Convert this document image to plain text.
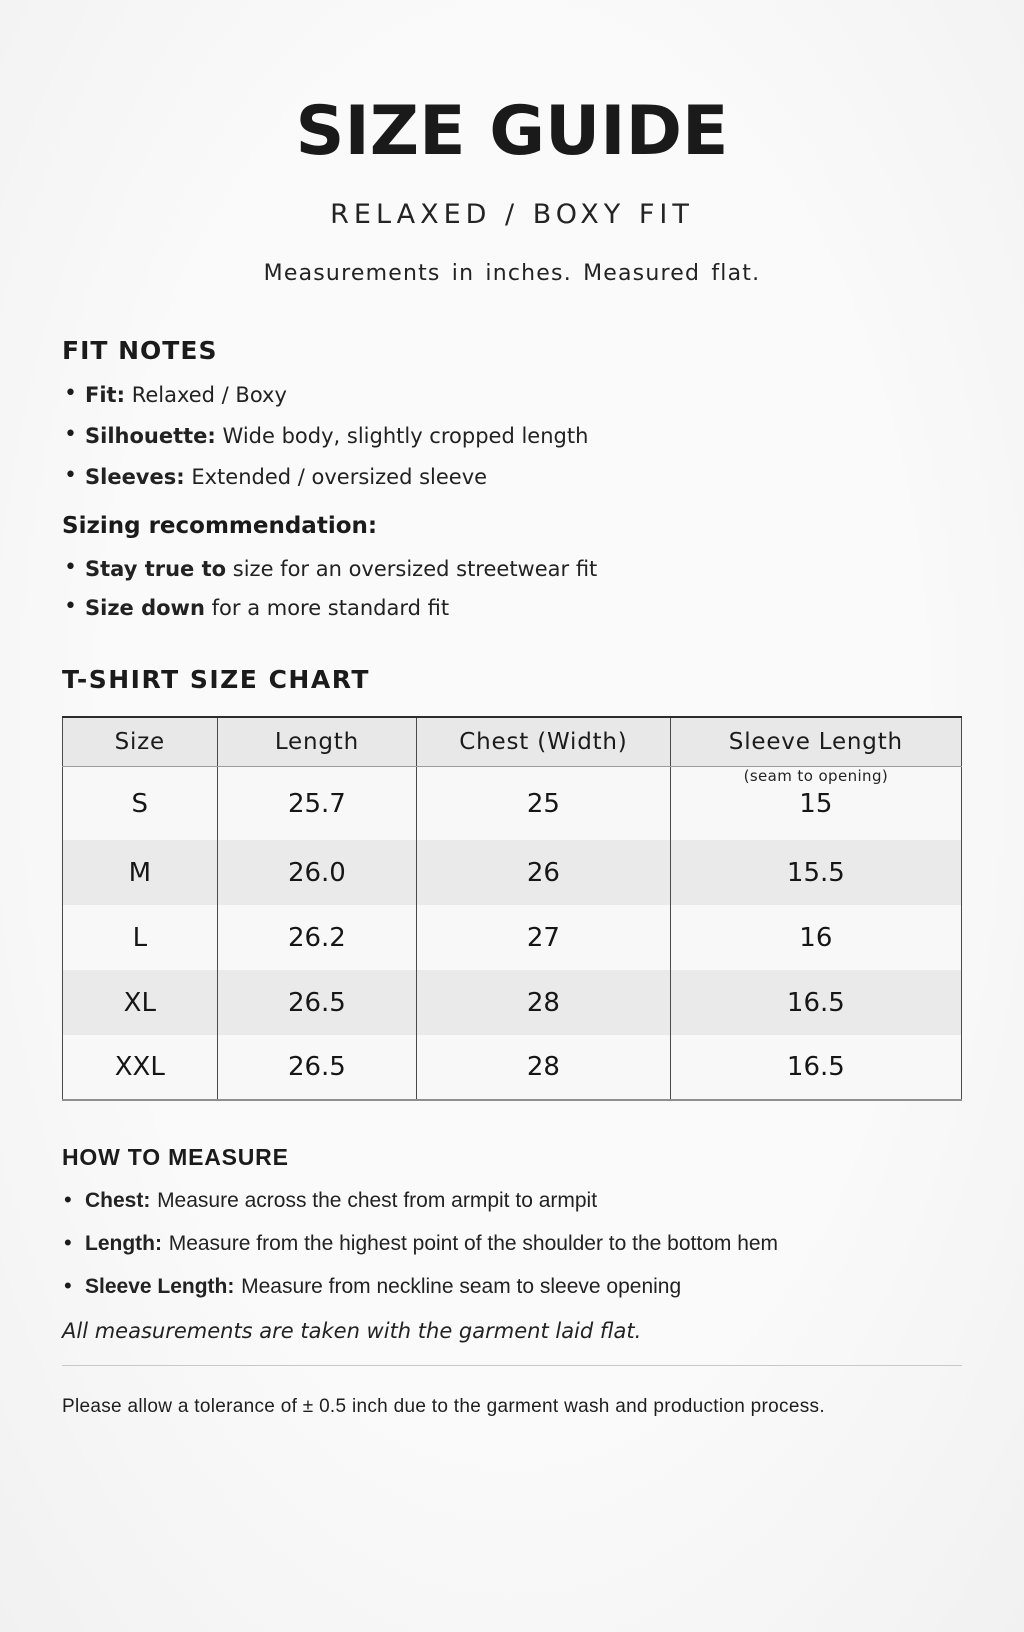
SIZE GUIDE
RELAXED / BOXY FIT
Measurements in inches. Measured flat.
FIT NOTES
• Fit: Relaxed / Boxy
• Silhouette: Wide body, slightly cropped length
• Sleeves: Extended / oversized sleeve
Sizing recommendation:
• Stay true to size for an oversized streetwear fit
• Size down for a more standard fit
T-SHIRT SIZE CHART
Size	Length	Chest (Width)	Sleeve Length
(seam to opening)

S	25.7	25	15
M	26.0	26	15.5
L	26.2	27	16
XL	26.5	28	16.5
XXL	26.5	28	16.5
HOW TO MEASURE
• Chest: Measure across the chest from armpit to armpit
• Length: Measure from the highest point of the shoulder to the bottom hem
• Sleeve Length: Measure from neckline seam to sleeve opening

All measurements are taken with the garment laid flat.

Please allow a tolerance of ± 0.5 inch due to the garment wash and production process.
